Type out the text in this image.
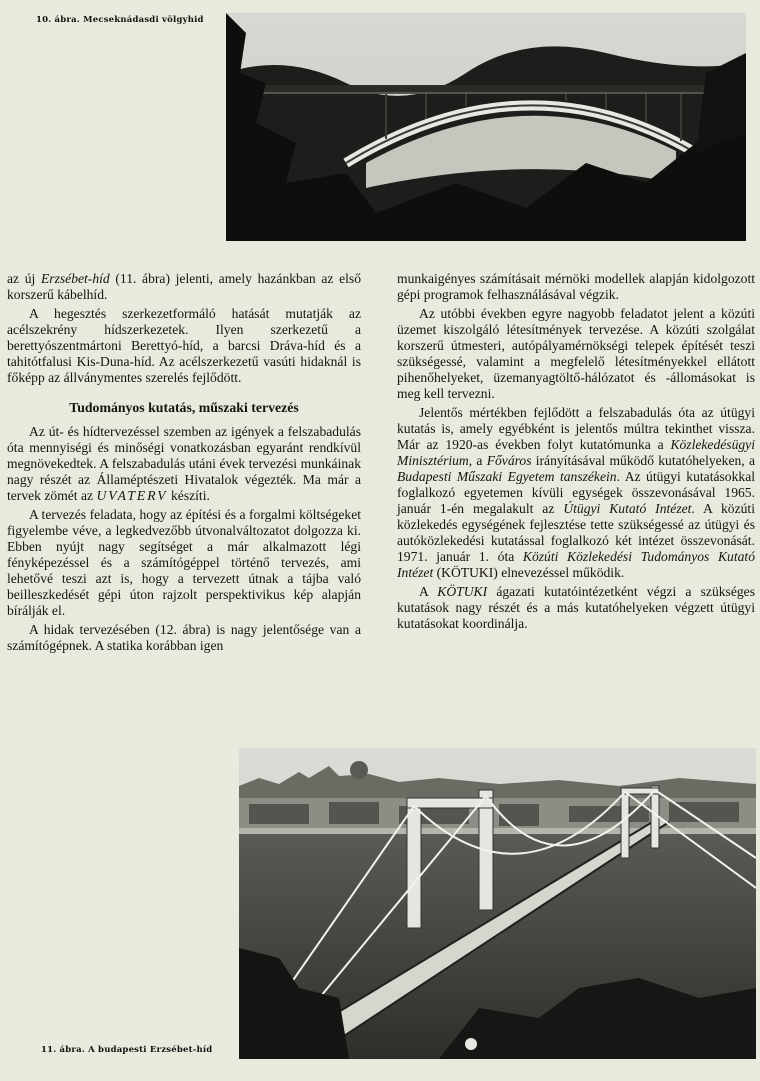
10. ábra. Mecseknádasdi völgyhid

az új Erzsébet-híd (11. ábra) jelenti, amely hazánkban az első korszerű kábelhíd.

A hegesztés szerkezetformáló hatását mutatják az acélszekrény hídszerkezetek. Ilyen szerkezetű a berettyószentmártoni Berettyó-híd, a barcsi Dráva-híd és a tahitótfalusi Kis-Duna-híd. Az acélszerkezetű vasúti hidaknál is főképp az állványmentes szerelés fejlődött.

Tudományos kutatás, műszaki tervezés

Az út- és hídtervezéssel szemben az igények a felszabadulás óta mennyiségi és minőségi vonatkozásban egyaránt rendkívül megnövekedtek. A felszabadulás utáni évek tervezési munkáinak nagy részét az Államéptészeti Hivatalok végezték. Ma már a tervek zömét az UVATERV készíti.

A tervezés feladata, hogy az építési és a forgalmi költségeket figyelembe véve, a legkedvezőbb útvonalváltozatot dolgozza ki. Ebben nyújt nagy segítséget a már alkalmazott légi fényképezéssel és a számítógéppel történő tervezés, ami lehetővé teszi azt is, hogy a tervezett útnak a tájba való beilleszkedését gépi úton rajzolt perspektivikus kép alapján bírálják el.

A hidak tervezésében (12. ábra) is nagy jelentősége van a számítógépnek. A statika korábban igen

munkaigényes számításait mérnöki modellek alapján kidolgozott gépi programok felhasználásával végzik.

Az utóbbi években egyre nagyobb feladatot jelent a közúti üzemet kiszolgáló létesítmények tervezése. A közúti szolgálat korszerű útmesteri, autópályamérnökségi telepek építését teszi szükségessé, valamint a megfelelő létesítményekkel ellátott pihenőhelyeket, üzemanyagtöltő-hálózatot és -állomásokat is meg kell tervezni.

Jelentős mértékben fejlődött a felszabadulás óta az útügyi kutatás is, amely egyébként is jelentős múltra tekinthet vissza. Már az 1920-as években folyt kutatómunka a Közlekedésügyi Minisztérium, a Főváros irányításával működő kutatóhelyeken, a Budapesti Műszaki Egyetem tanszékein. Az útügyi kutatásokkal foglalkozó egyetemen kívüli egységek összevonásával 1965. január 1-én megalakult az Útügyi Kutató Intézet. A közúti közlekedés egységének fejlesztése tette szükségessé az útügyi és autóközlekedési kutatással foglalkozó két intézet összevonását. 1971. január 1. óta Közúti Közlekedési Tudományos Kutató Intézet (KÖTUKI) elnevezéssel működik.

A KÖTUKI ágazati kutatóintézetként végzi a szükséges kutatások nagy részét és a más kutatóhelyeken végzett útügyi kutatásokat koordinálja.

11. ábra. A budapesti Erzsébet-híd
